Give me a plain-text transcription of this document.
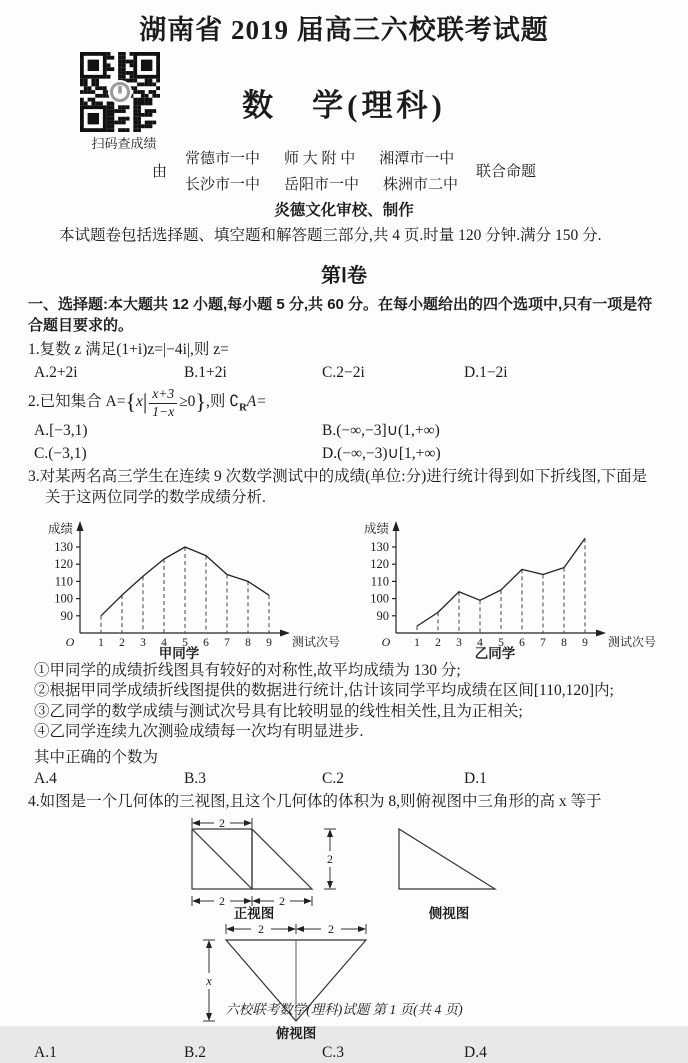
湖南省 2019 届高三六校联考试题
扫码查成绩
数　学(理科)
由
常德市一中 师 大 附 中 湘潭市一中
长沙市一中 岳阳市一中 株洲市二中
联合命题
炎德文化审校、制作
本试题卷包括选择题、填空题和解答题三部分,共 4 页.时量 120 分钟.满分 150 分.
第Ⅰ卷
一、选择题:本大题共 12 小题,每小题 5 分,共 60 分。在每小题给出的四个选项中,只有一项是符合题目要求的。
1.复数 z 满足(1+i)z=|−4i|,则 z=
A.2+2i	B.1+2i	C.2−2i	D.1−2i
2.已知集合 $A=\{x| \frac{x+3}{1-x} \ge 0\}$,则 $∁_RA=$
A.[−3,1)	B.(−∞,−3]∪(1,+∞)
C.(−3,1)	D.(−∞,−3)∪[1,+∞)
3.对某两名高三学生在连续 9 次数学测试中的成绩(单位:分)进行统计得到如下折线图,下面是关于这两位同学的数学成绩分析.
成绩
测试次号
O
90
100
110
120
130
1 2 3 4 5 6 7 8 9
甲同学
成绩
测试次号
O
90
100
110
120
130
1 2 3 4 5 6 7 8 9
乙同学
①甲同学的成绩折线图具有较好的对称性,故平均成绩为 130 分;
②根据甲同学成绩折线图提供的数据进行统计,估计该同学平均成绩在区间[110,120]内;
③乙同学的数学成绩与测试次号具有比较明显的线性相关性,且为正相关;
④乙同学连续九次测验成绩每一次均有明显进步.
其中正确的个数为
A.4	B.3	C.2	D.1
4.如图是一个几何体的三视图,且这个几何体的体积为 8,则俯视图中三角形的高 x 等于
2
2	2
2
正视图	侧视图
2	2
x
俯视图
A.1	B.2	C.3	D.4
六校联考数学(理科)试题 第 1 页(共 4 页)
